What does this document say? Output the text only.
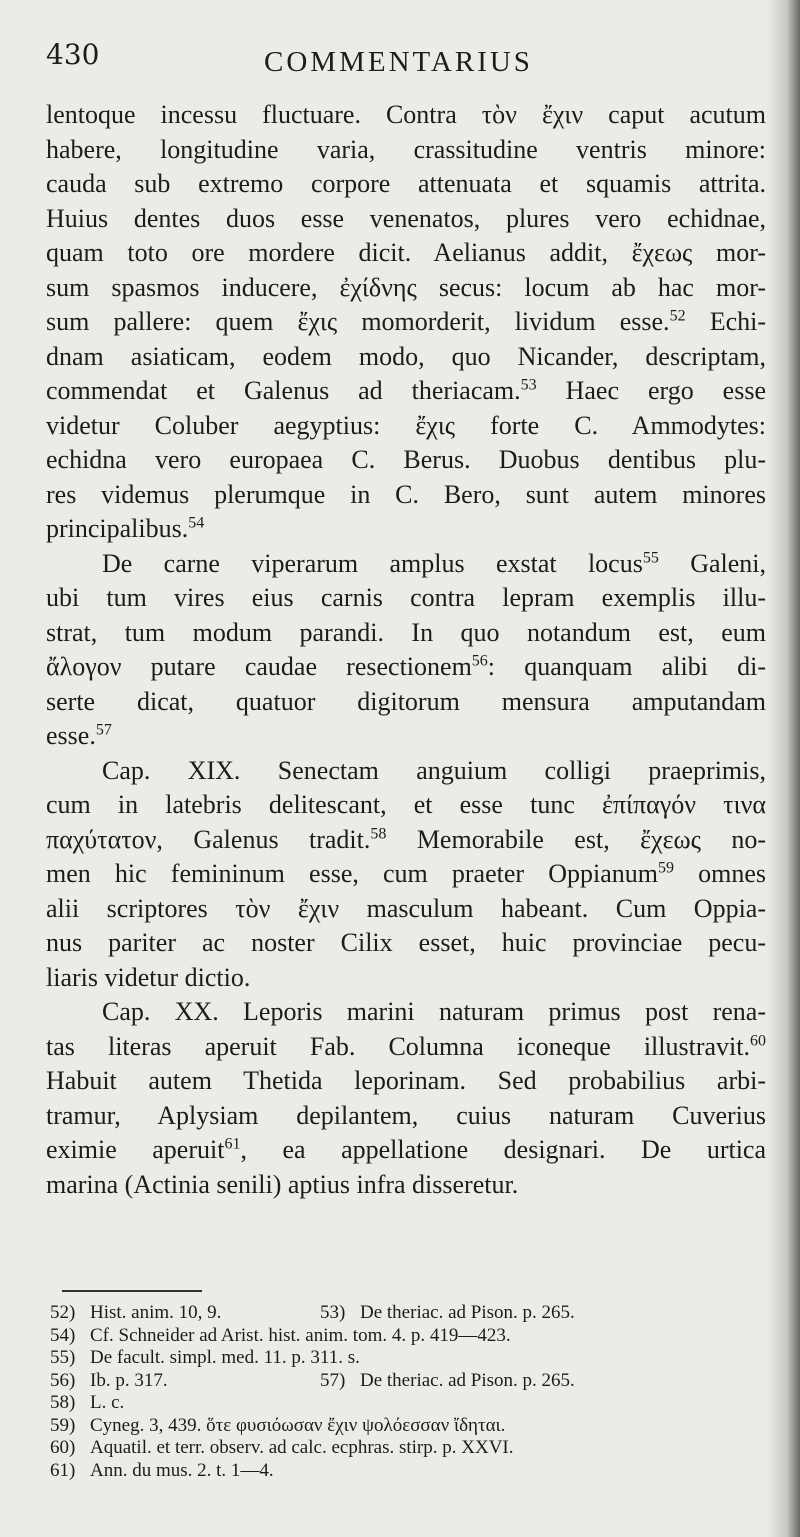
430	COMMENTARIUS
lentoque incessu fluctuare. Contra τὸν ἔχιν caput acutum
habere, longitudine varia, crassitudine ventris minore:
cauda sub extremo corpore attenuata et squamis attrita.
Huius dentes duos esse venenatos, plures vero echidnae,
quam toto ore mordere dicit. Aelianus addit, ἔχεως mor-
sum spasmos inducere, ἐχίδνης secus: locum ab hac mor-
sum pallere: quem ἔχις momorderit, lividum esse.$^{52}$ Echi-
dnam asiaticam, eodem modo, quo Nicander, descriptam,
commendat et Galenus ad theriacam.$^{53}$ Haec ergo esse
videtur Coluber aegyptius: ἔχις forte C. Ammodytes:
echidna vero europaea C. Berus. Duobus dentibus plu-
res videmus plerumque in C. Bero, sunt autem minores
principalibus.$^{54}$
De carne viperarum amplus exstat locus$^{55}$ Galeni,
ubi tum vires eius carnis contra lepram exemplis illu-
strat, tum modum parandi. In quo notandum est, eum
ἄλογον putare caudae resectionem$^{56}$: quanquam alibi di-
serte dicat, quatuor digitorum mensura amputandam
esse.$^{57}$
Cap. XIX. Senectam anguium colligi praeprimis,
cum in latebris delitescant, et esse tunc ἐπίπαγόν τινα
παχύτατον, Galenus tradit.$^{58}$ Memorabile est, ἔχεως no-
men hic femininum esse, cum praeter Oppianum$^{59}$ omnes
alii scriptores τὸν ἔχιν masculum habeant. Cum Oppia-
nus pariter ac noster Cilix esset, huic provinciae pecu-
liaris videtur dictio.
Cap. XX. Leporis marini naturam primus post rena-
tas literas aperuit Fab. Columna iconeque illustravit.$^{60}$
Habuit autem Thetida leporinam. Sed probabilius arbi-
tramur, Aplysiam depilantem, cuius naturam Cuverius
eximie aperuit$^{61}$, ea appellatione designari. De urtica
marina (Actinia senili) aptius infra disseretur.
52) Hist. anim. 10, 9.	53) De theriac. ad Pison. p. 265.
54) Cf. Schneider ad Arist. hist. anim. tom. 4. p. 419—423.
55) De facult. simpl. med. 11. p. 311. s.
56) Ib. p. 317.	57) De theriac. ad Pison. p. 265.
58) L. c.
59) Cyneg. 3, 439. ὅτε φυσιόωσαν ἔχιν ψολόεσσαν ἴδηται.
60) Aquatil. et terr. observ. ad calc. ecphras. stirp. p. XXVI.
61) Ann. du mus. 2. t. 1—4.
